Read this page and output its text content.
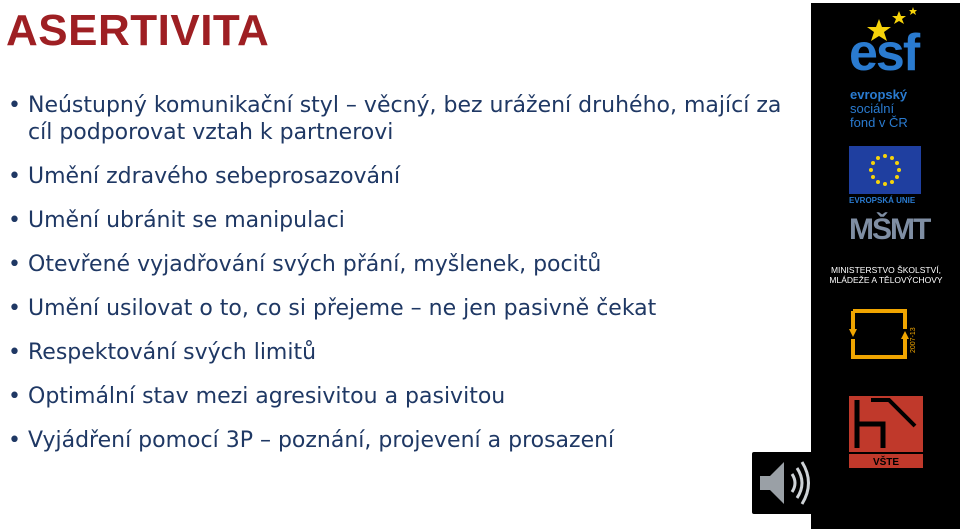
ASERTIVITA
• Neústupný komunikační styl – věcný, bez urážení druhého, mající za cíl podporovat vztah k partnerovi
• Umění zdravého sebeprosazování
• Umění ubránit se manipulaci
• Otevřené vyjadřování svých přání, myšlenek, pocitů
• Umění usilovat o to, co si přejeme – ne jen pasivně čekat
• Respektování svých limitů
• Optimální stav mezi agresivitou a pasivitou
• Vyjádření pomocí 3P – poznání, projevení a prosazení
esf
evropský
sociální
fond v ČR
EVROPSKÁ UNIE
MŠMT
MINISTERSTVO ŠKOLSTVÍ,
MLÁDEŽE A TĚLOVÝCHOVY
2007-13
VŠTE
